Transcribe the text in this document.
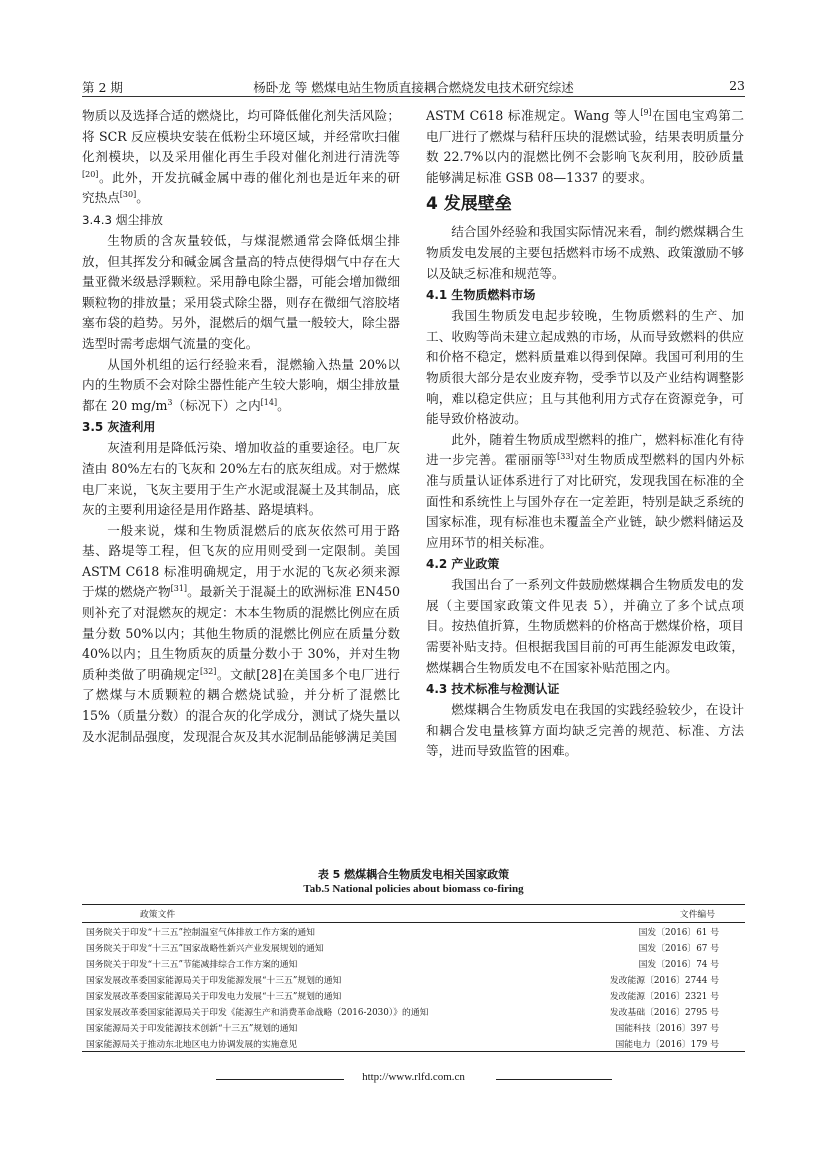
第 2 期	杨卧龙 等 燃煤电站生物质直接耦合燃烧发电技术研究综述	23

物质以及选择合适的燃烧比，均可降低催化剂失活风险；将 SCR 反应模块安装在低粉尘环境区域，并经常吹扫催化剂模块，以及采用催化再生手段对催化剂进行清洗等[20]。此外，开发抗碱金属中毒的催化剂也是近年来的研究热点[30]。

3.4.3 烟尘排放

生物质的含灰量较低，与煤混燃通常会降低烟尘排放，但其挥发分和碱金属含量高的特点使得烟气中存在大量亚微米级悬浮颗粒。采用静电除尘器，可能会增加微细颗粒物的排放量；采用袋式除尘器，则存在微细气溶胶堵塞布袋的趋势。另外，混燃后的烟气量一般较大，除尘器选型时需考虑烟气流量的变化。

从国外机组的运行经验来看，混燃输入热量 20%以内的生物质不会对除尘器性能产生较大影响，烟尘排放量都在 20 $mg/m^3$（标况下）之内[14]。

3.5 灰渣利用

灰渣利用是降低污染、增加收益的重要途径。电厂灰渣由 80%左右的飞灰和 20%左右的底灰组成。对于燃煤电厂来说，飞灰主要用于生产水泥或混凝土及其制品，底灰的主要利用途径是用作路基、路堤填料。

一般来说，煤和生物质混燃后的底灰依然可用于路基、路堤等工程，但飞灰的应用则受到一定限制。美国 ASTM C618 标准明确规定，用于水泥的飞灰必须来源于煤的燃烧产物[31]。最新关于混凝土的欧洲标准 EN450 则补充了对混燃灰的规定：木本生物质的混燃比例应在质量分数 50%以内；其他生物质的混燃比例应在质量分数 40%以内；且生物质灰的质量分数小于 30%，并对生物质种类做了明确规定[32]。文献[28]在美国多个电厂进行了燃煤与木质颗粒的耦合燃烧试验，并分析了混燃比 15%（质量分数）的混合灰的化学成分，测试了烧失量以及水泥制品强度，发现混合灰及其水泥制品能够满足美国

ASTM C618 标准规定。Wang 等人[9]在国电宝鸡第二电厂进行了燃煤与秸秆压块的混燃试验，结果表明质量分数 22.7%以内的混燃比例不会影响飞灰利用，胶砂质量能够满足标准 GSB 08—1337 的要求。

4 发展壁垒

结合国外经验和我国实际情况来看，制约燃煤耦合生物质发电发展的主要包括燃料市场不成熟、政策激励不够以及缺乏标准和规范等。

4.1 生物质燃料市场

我国生物质发电起步较晚，生物质燃料的生产、加工、收购等尚未建立起成熟的市场，从而导致燃料的供应和价格不稳定，燃料质量难以得到保障。我国可利用的生物质很大部分是农业废弃物，受季节以及产业结构调整影响，难以稳定供应；且与其他利用方式存在资源竞争，可能导致价格波动。

此外，随着生物质成型燃料的推广，燃料标准化有待进一步完善。霍丽丽等[33]对生物质成型燃料的国内外标准与质量认证体系进行了对比研究，发现我国在标准的全面性和系统性上与国外存在一定差距，特别是缺乏系统的国家标准，现有标准也未覆盖全产业链，缺少燃料储运及应用环节的相关标准。

4.2 产业政策

我国出台了一系列文件鼓励燃煤耦合生物质发电的发展（主要国家政策文件见表 5），并确立了多个试点项目。按热值折算，生物质燃料的价格高于燃煤价格，项目需要补贴支持。但根据我国目前的可再生能源发电政策，燃煤耦合生物质发电不在国家补贴范围之内。

4.3 技术标准与检测认证

燃煤耦合生物质发电在我国的实践经验较少，在设计和耦合发电量核算方面均缺乏完善的规范、标准、方法等，进而导致监管的困难。

表 5 燃煤耦合生物质发电相关国家政策
Tab.5 National policies about biomass co-firing
政策文件	文件编号
国务院关于印发“十三五”控制温室气体排放工作方案的通知	国发〔2016〕61 号
国务院关于印发“十三五”国家战略性新兴产业发展规划的通知	国发〔2016〕67 号
国务院关于印发“十三五”节能减排综合工作方案的通知	国发〔2016〕74 号
国家发展改革委国家能源局关于印发能源发展“十三五”规划的通知	发改能源〔2016〕2744 号
国家发展改革委国家能源局关于印发电力发展“十三五”规划的通知	发改能源〔2016〕2321 号
国家发展改革委国家能源局关于印发《能源生产和消费革命战略（2016-2030）》的通知	发改基础〔2016〕2795 号
国家能源局关于印发能源技术创新“十三五”规划的通知	国能科技〔2016〕397 号
国家能源局关于推动东北地区电力协调发展的实施意见	国能电力〔2016〕179 号
http://www.rlfd.com.cn
